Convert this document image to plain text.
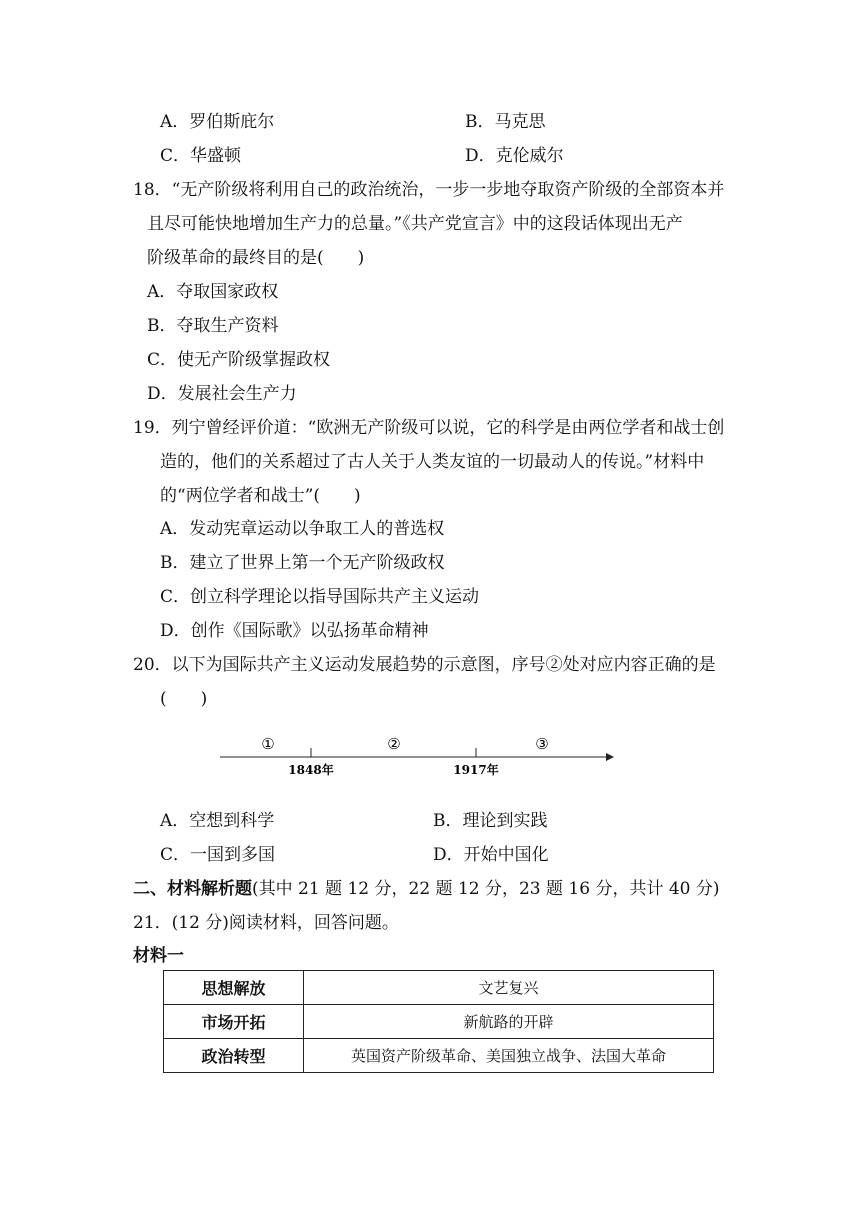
A．罗伯斯庇尔	B．马克思
C．华盛顿	D．克伦威尔
18．“无产阶级将利用自己的政治统治，一步一步地夺取资产阶级的全部资本并
且尽可能快地增加生产力的总量。”《共产党宣言》中的这段话体现出无产
阶级革命的最终目的是(　　)
A．夺取国家政权
B．夺取生产资料
C．使无产阶级掌握政权
D．发展社会生产力
19．列宁曾经评价道：“欧洲无产阶级可以说，它的科学是由两位学者和战士创
造的，他们的关系超过了古人关于人类友谊的一切最动人的传说。”材料中
的“两位学者和战士”(　　)
A．发动宪章运动以争取工人的普选权
B．建立了世界上第一个无产阶级政权
C．创立科学理论以指导国际共产主义运动
D．创作《国际歌》以弘扬革命精神
20．以下为国际共产主义运动发展趋势的示意图，序号②处对应内容正确的是
(　　)
①	②	③
1848年	1917年
A．空想到科学	B．理论到实践
C．一国到多国	D．开始中国化
二、材料解析题(其中 21 题 12 分，22 题 12 分，23 题 16 分，共计 40 分)
21．(12 分)阅读材料，回答问题。
材料一
思想解放	文艺复兴
市场开拓	新航路的开辟
政治转型	英国资产阶级革命、美国独立战争、法国大革命
